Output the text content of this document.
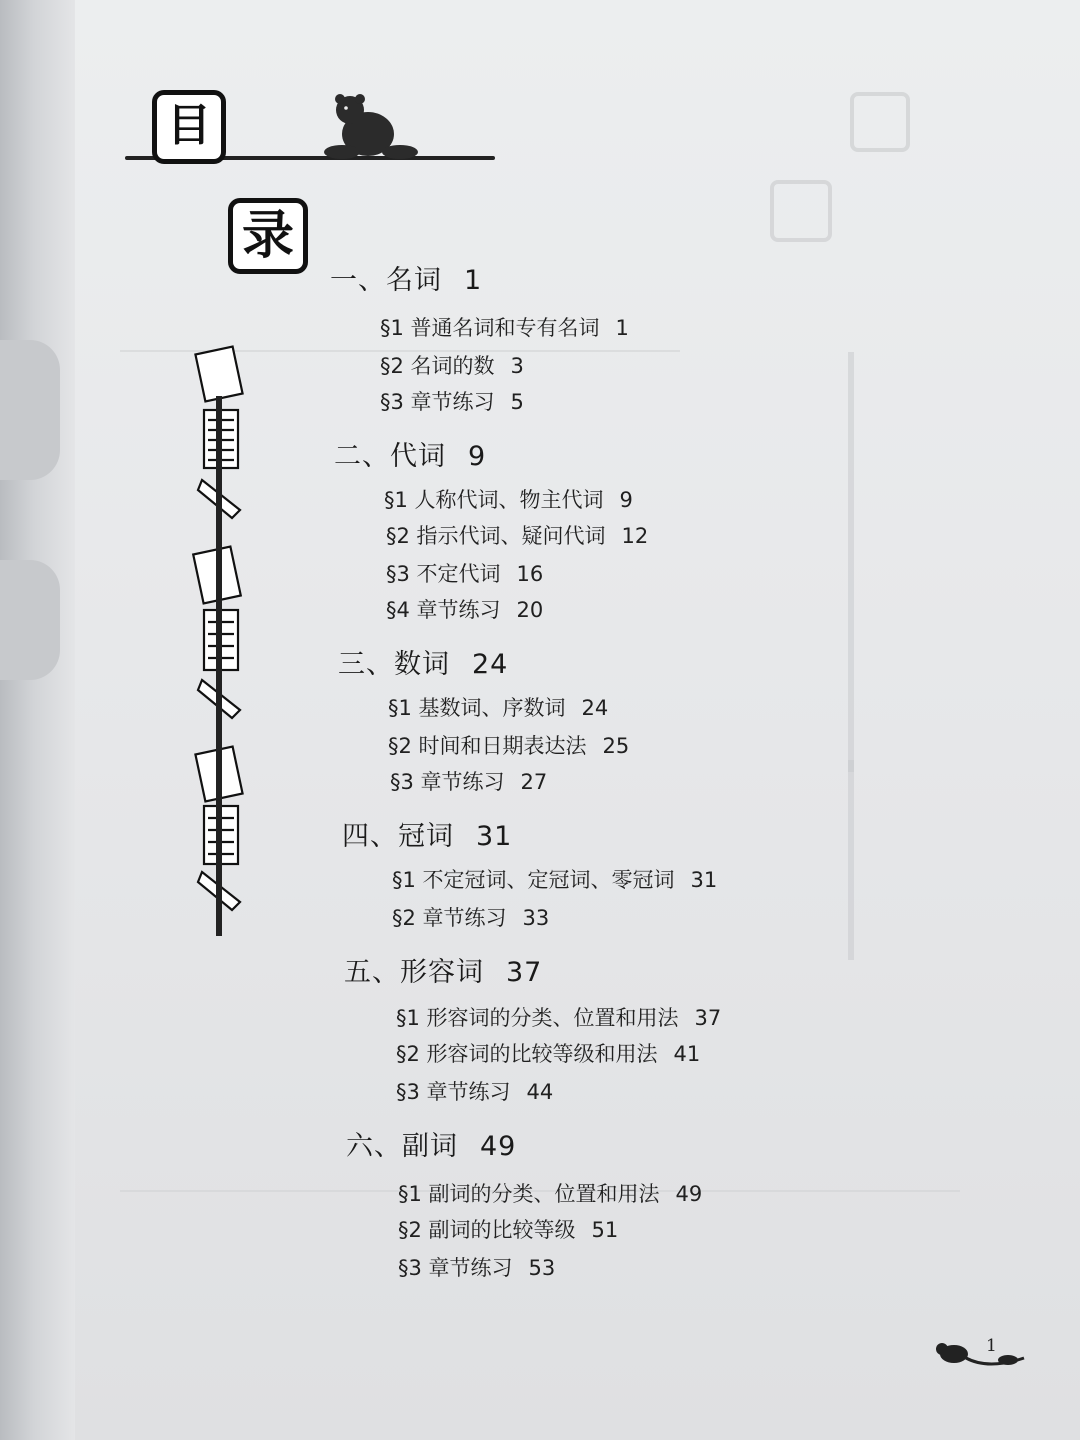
目
录
一、名词 1
§1 普通名词和专有名词 1
§2 名词的数 3
§3 章节练习 5
二、代词 9
§1 人称代词、物主代词 9
§2 指示代词、疑问代词 12
§3 不定代词 16
§4 章节练习 20
三、数词 24
§1 基数词、序数词 24
§2 时间和日期表达法 25
§3 章节练习 27
四、冠词 31
§1 不定冠词、定冠词、零冠词 31
§2 章节练习 33
五、形容词 37
§1 形容词的分类、位置和用法 37
§2 形容词的比较等级和用法 41
§3 章节练习 44
六、副词 49
§1 副词的分类、位置和用法 49
§2 副词的比较等级 51
§3 章节练习 53
1
